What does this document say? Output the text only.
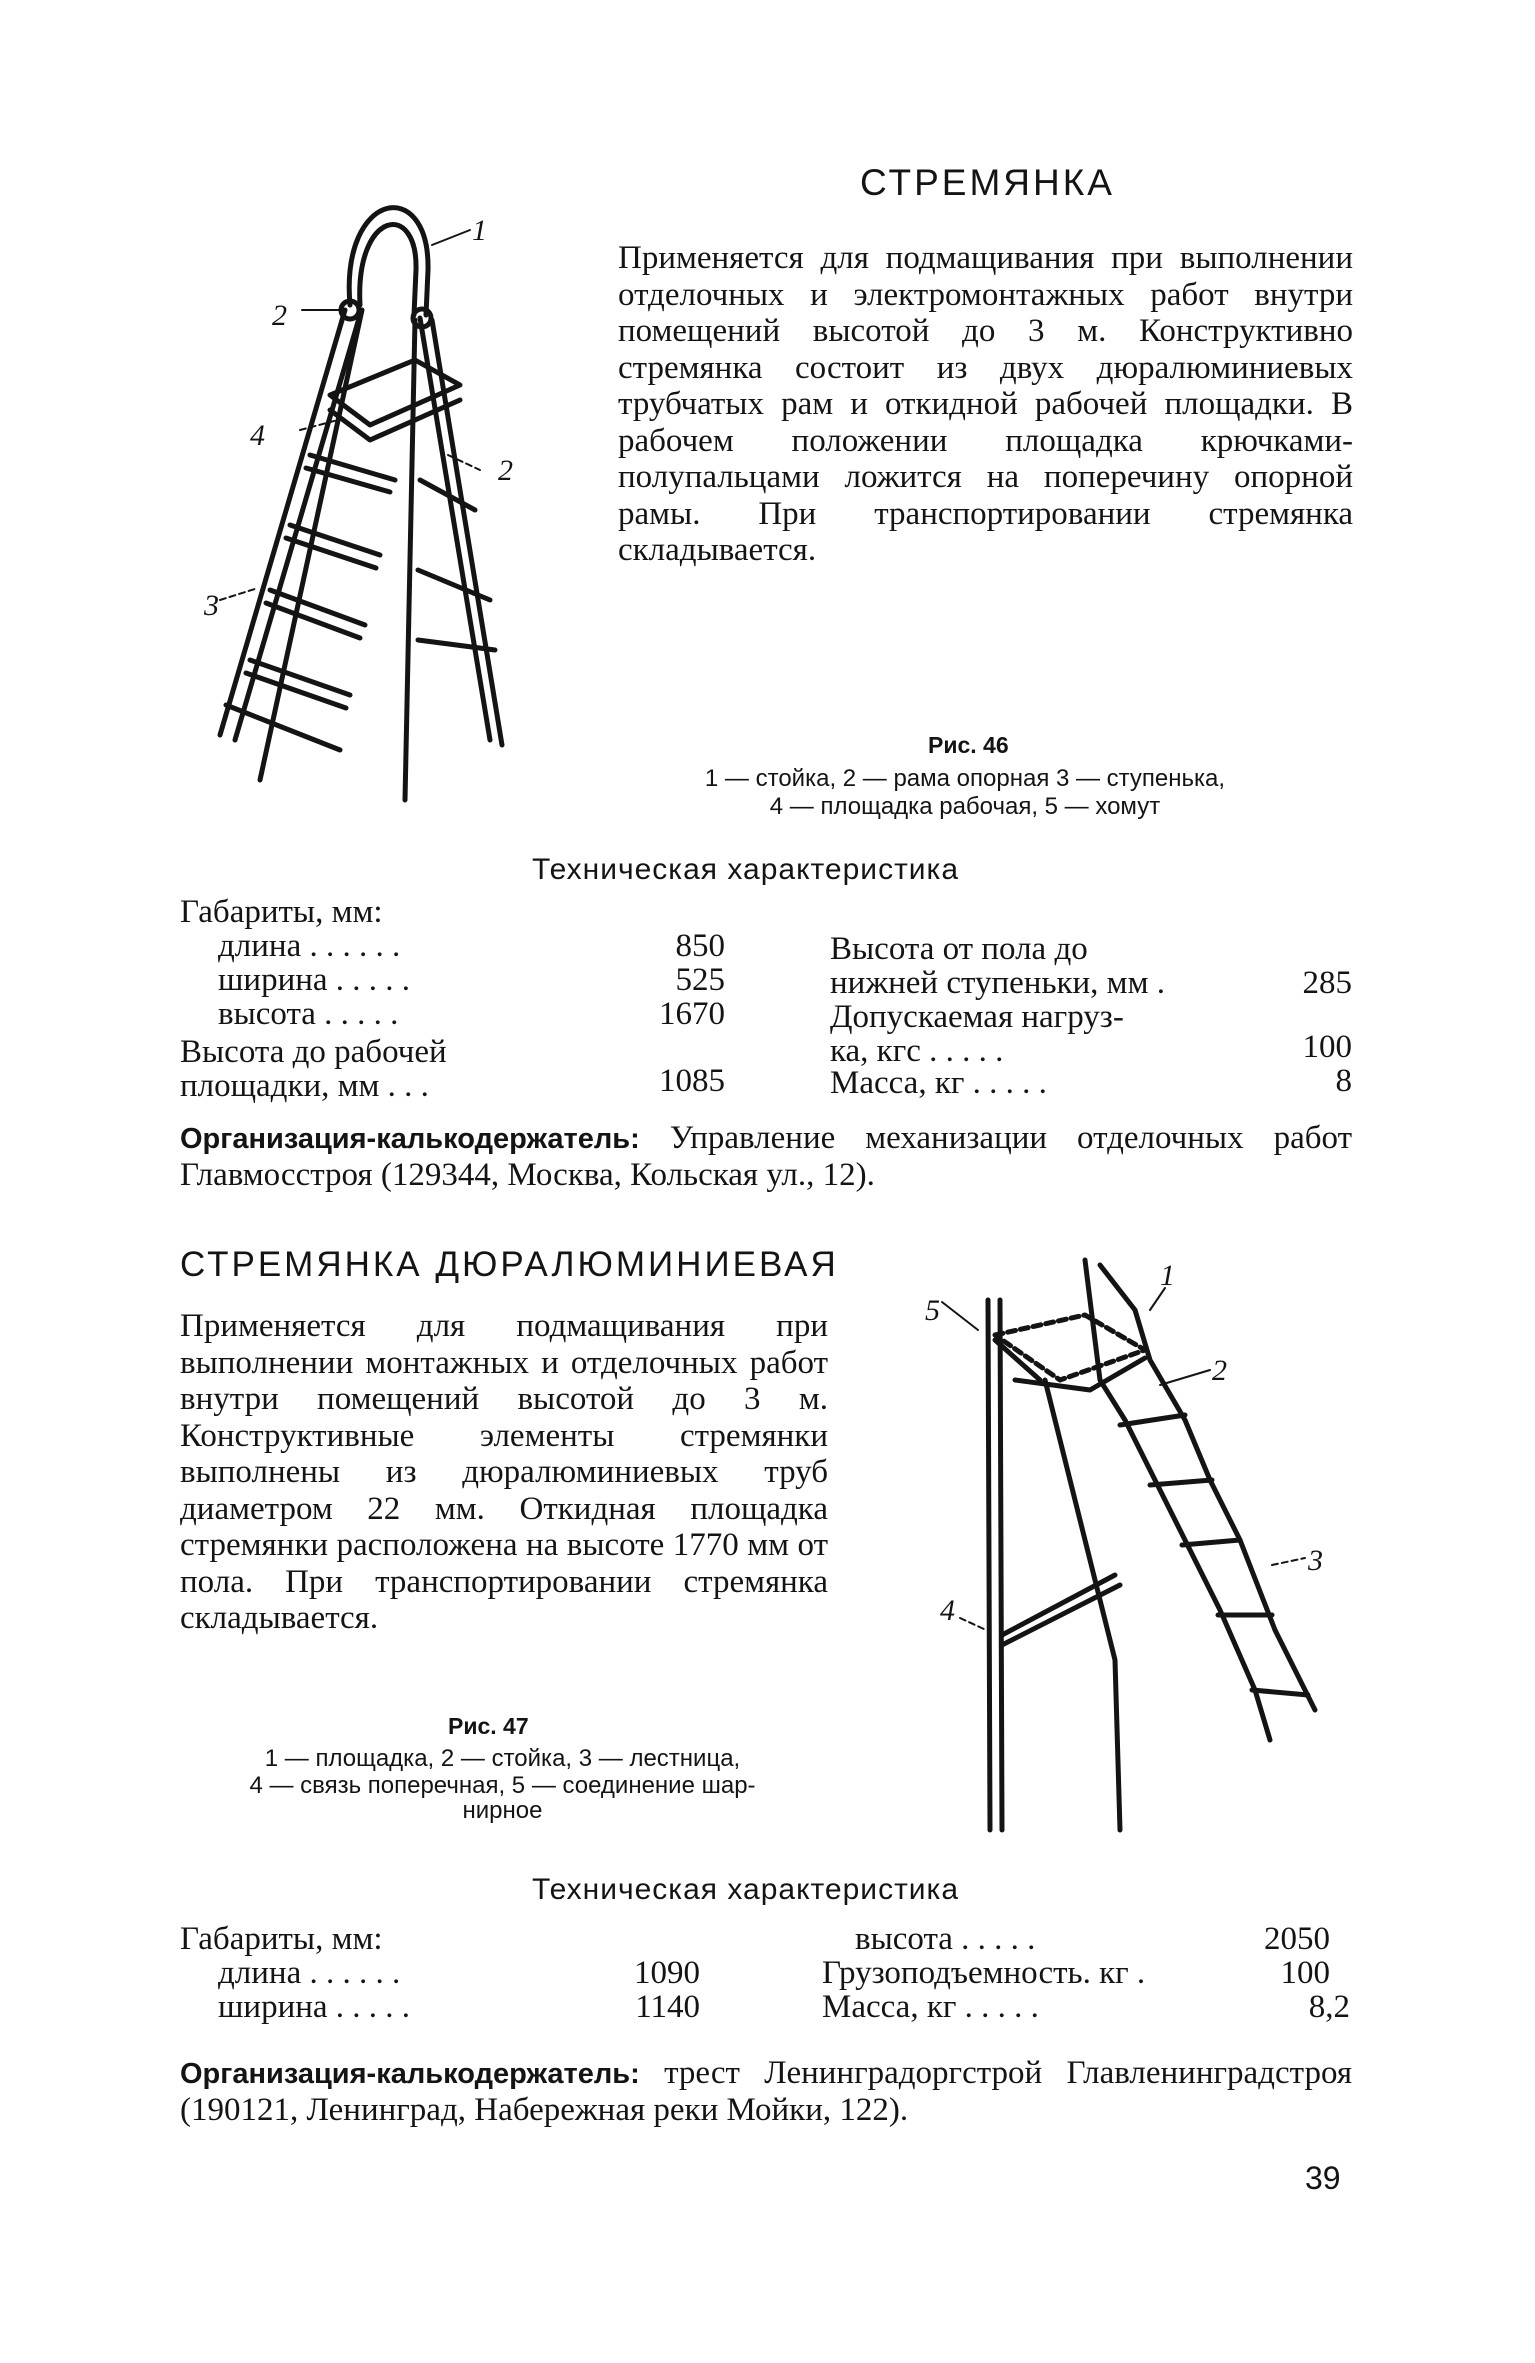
СТРЕМЯНКА
Применяется для подмащивания при выполнении отделочных и электромонтажных работ внутри помещений высотой до 3 м. Конструктивно стремянка состоит из двух дюралюминиевых трубчатых рам и откидной рабочей площадки. В рабочем положении площадка крючками-полупальцами ложится на поперечину опорной рамы. При транспортировании стремянка складывается.
1
2
4
2
3
Рис. 46
1 — стойка, 2 — рама опорная 3 — ступенька,
4 — площадка рабочая, 5 — хомут
Техническая характеристика
Габариты, мм:
длина . . . . . .	850
ширина . . . . .	525
высота . . . . .	1670
Высота до рабочей
площадки, мм . . .	1085
Высота от пола до
нижней ступеньки, мм .	285
Допускаемая нагруз-
ка, кгс . . . . .	100
Масса, кг . . . . .	8
Организация-калькодержатель: Управление механизации отделочных работ Главмосстроя (129344, Москва, Кольская ул., 12).
СТРЕМЯНКА ДЮРАЛЮМИНИЕВАЯ
Применяется для подмащивания при выполнении монтажных и отделочных работ внутри помещений высотой до 3 м. Конструктивные элементы стремянки выполнены из дюралюминиевых труб диаметром 22 мм. Откидная площадка стремянки расположена на высоте 1770 мм от пола. При транспортировании стремянка складывается.
5
1
2
3
4
Рис. 47
1 — площадка, 2 — стойка, 3 — лестница,
4 — связь поперечная, 5 — соединение шар-
нирное
Техническая характеристика
Габариты, мм:
длина . . . . . .	1090
ширина . . . . .	1140
высота . . . . .	2050
Грузоподъемность. кг .	100
Масса, кг . . . . .	8,2
Организация-калькодержатель: трест Ленинградоргстрой Главленинградстроя (190121, Ленинград, Набережная реки Мойки, 122).
39
